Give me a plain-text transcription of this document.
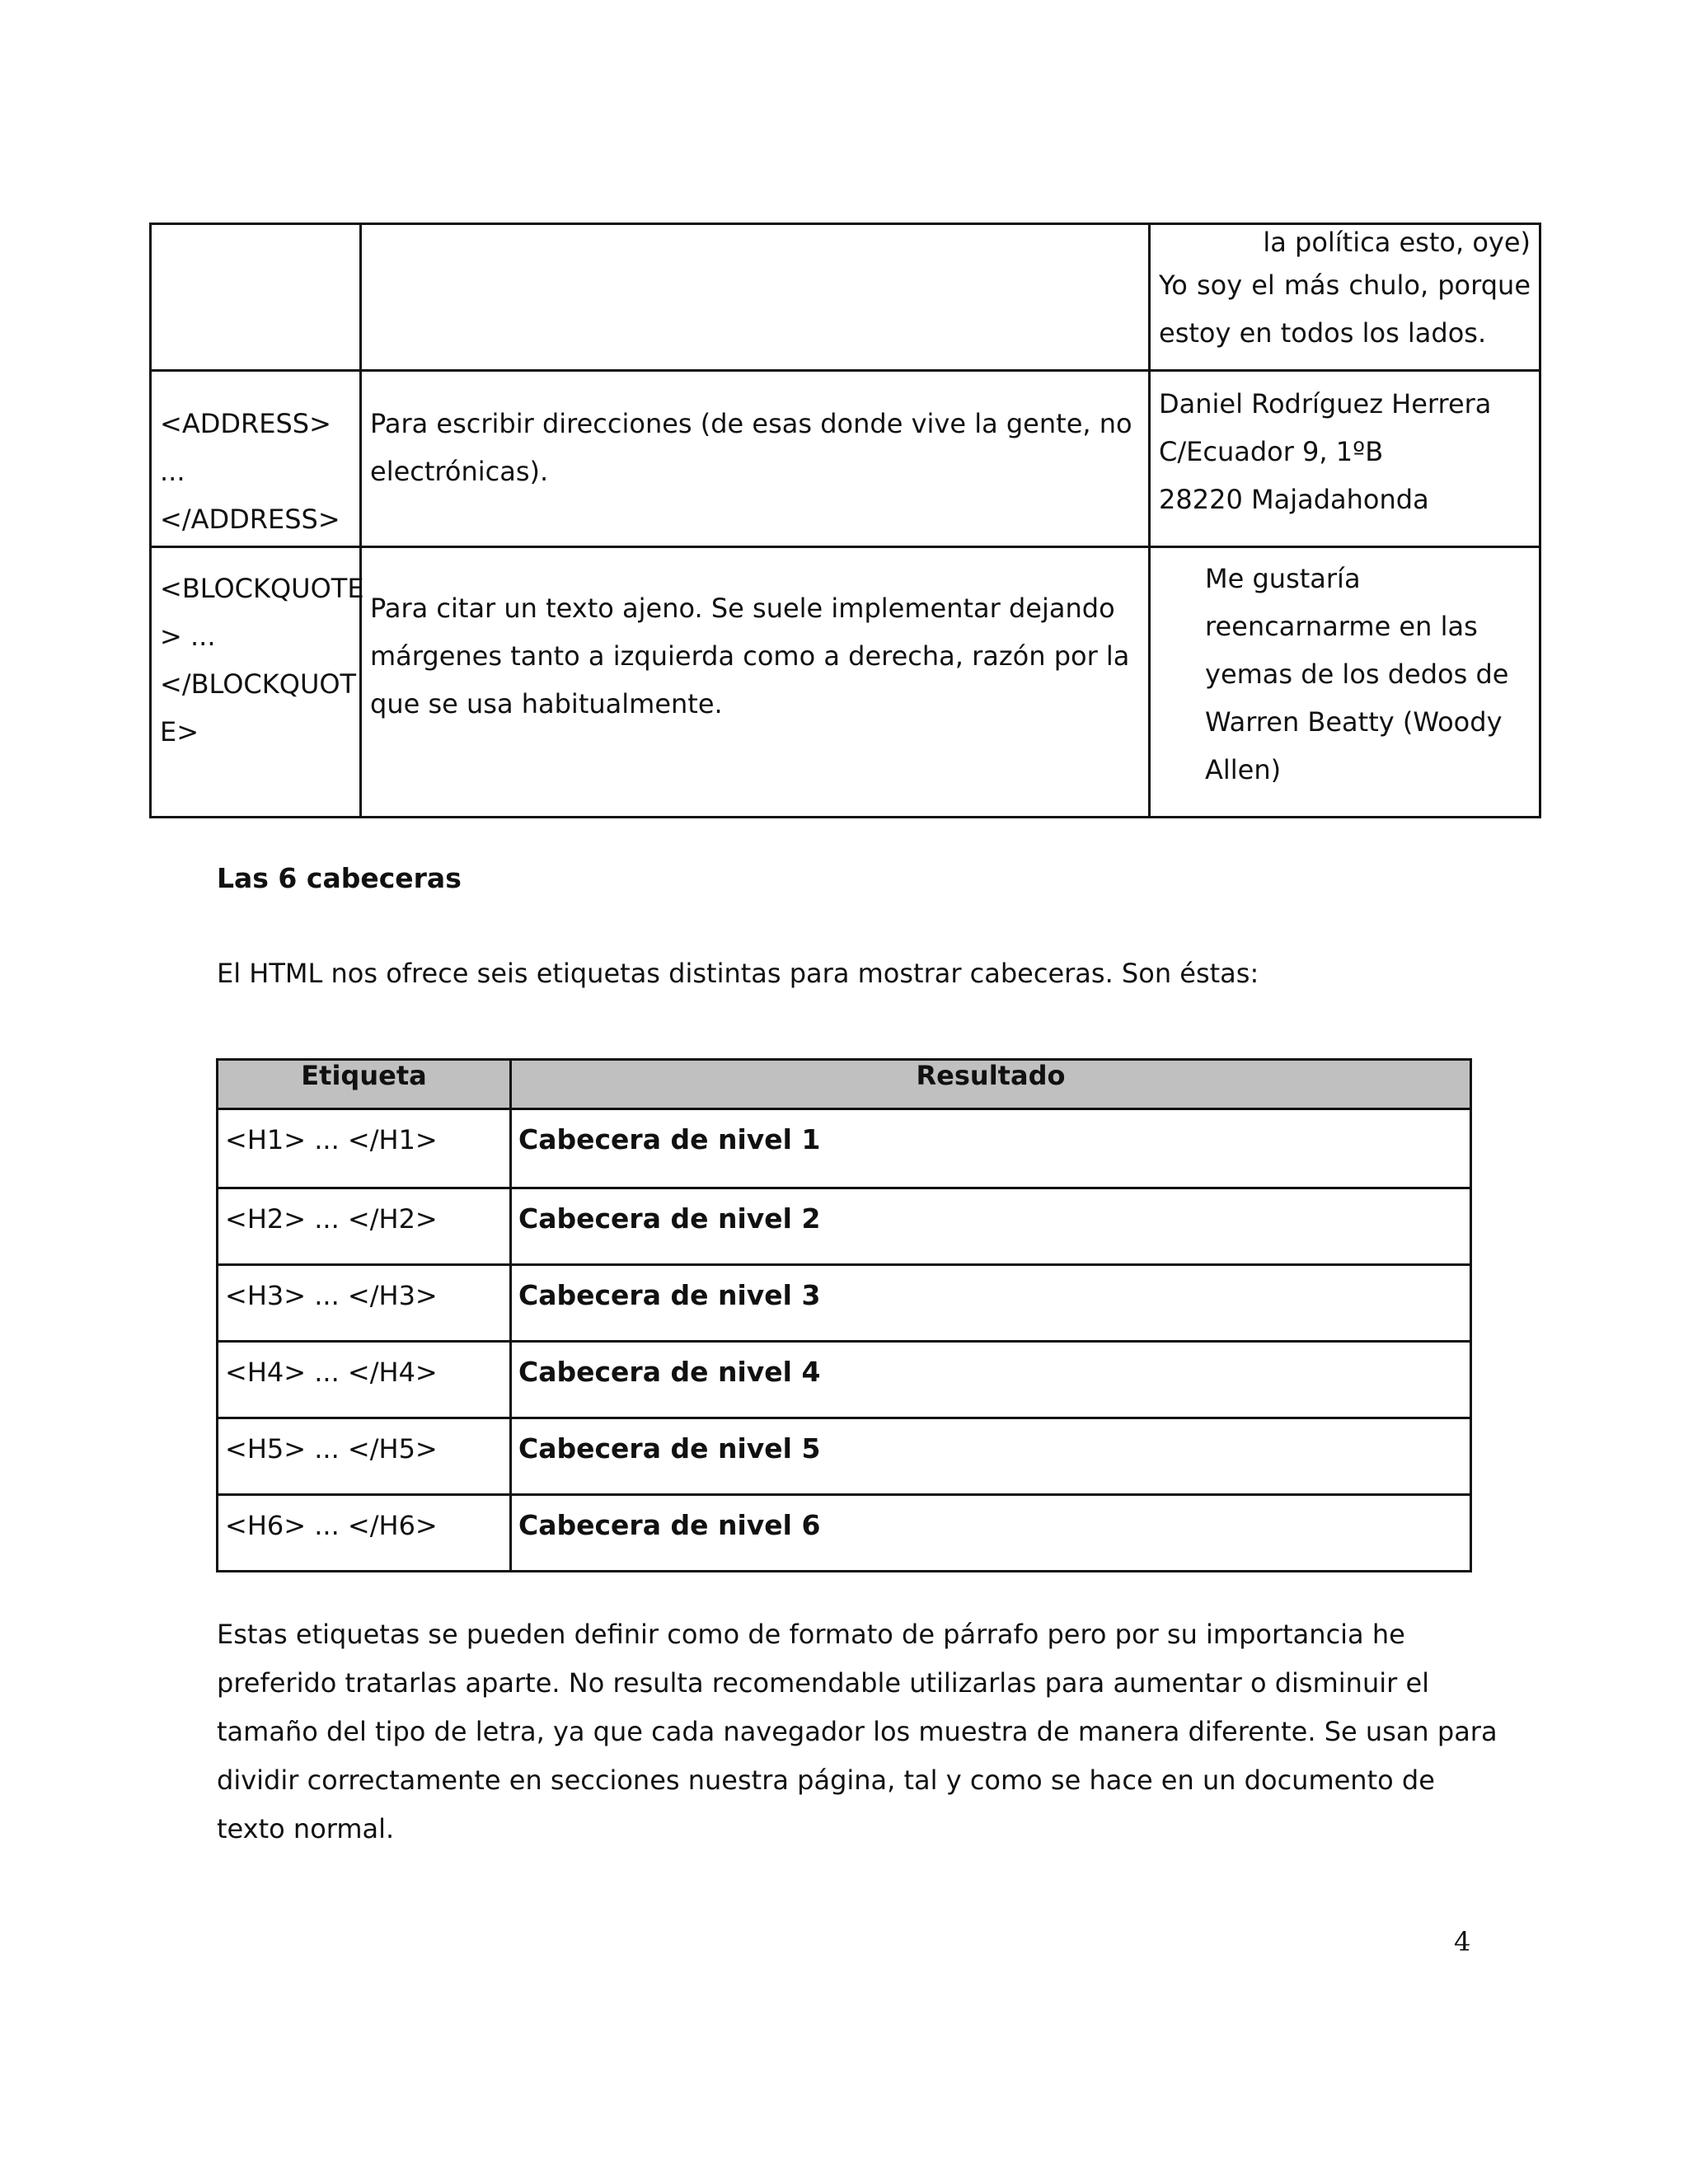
		la política esto, oye)
Yo soy el más chulo, porque estoy en todos los lados.

<ADDRESS> ... </ADDRESS>	Para escribir direcciones (de esas donde vive la gente, no electrónicas).	Daniel Rodríguez Herrera
C/Ecuador 9, 1ºB
28220 Majadahonda

<BLOCKQUOTE > ... </BLOCKQUOT E>	Para citar un texto ajeno. Se suele implementar dejando márgenes tanto a izquierda como a derecha, razón por la que se usa habitualmente.	Me gustaría reencarnarme en las yemas de los dedos de Warren Beatty (Woody Allen)
Las 6 cabeceras
El HTML nos ofrece seis etiquetas distintas para mostrar cabeceras. Son éstas:
Etiqueta	Resultado
<H1> ... </H1>	Cabecera de nivel 1
<H2> ... </H2>	Cabecera de nivel 2
<H3> ... </H3>	Cabecera de nivel 3
<H4> ... </H4>	Cabecera de nivel 4
<H5> ... </H5>	Cabecera de nivel 5
<H6> ... </H6>	Cabecera de nivel 6
Estas etiquetas se pueden definir como de formato de párrafo pero por su importancia he preferido tratarlas aparte. No resulta recomendable utilizarlas para aumentar o disminuir el tamaño del tipo de letra, ya que cada navegador los muestra de manera diferente. Se usan para dividir correctamente en secciones nuestra página, tal y como se hace en un documento de texto normal.
4
